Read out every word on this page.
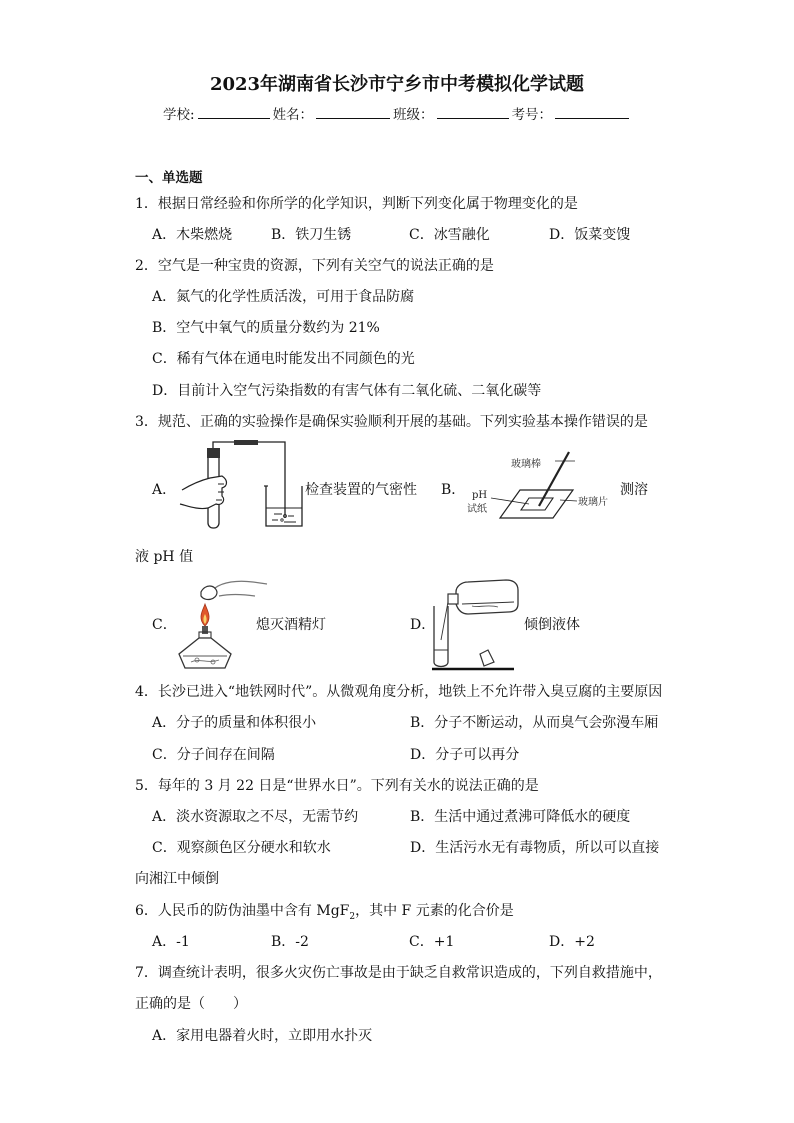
2023年湖南省长沙市宁乡市中考模拟化学试题
学校:	姓名：	班级：	考号：
一、单选题
1．根据日常经验和你所学的化学知识，判断下列变化属于物理变化的是
A．木柴燃烧	B．铁刀生锈	C．冰雪融化	D．饭菜变馊
2．空气是一种宝贵的资源，下列有关空气的说法正确的是
A．氮气的化学性质活泼，可用于食品防腐
B．空气中氧气的质量分数约为 21%
C．稀有气体在通电时能发出不同颜色的光
D．目前计入空气污染指数的有害气体有二氧化硫、二氧化碳等
3．规范、正确的实验操作是确保实验顺利开展的基础。下列实验基本操作错误的是
A．	检查装置的气密性 B．
玻璃棒
pH
试纸
玻璃片
测溶
液 pH 值
C．	熄灭酒精灯	D．	倾倒液体
4．长沙已进入“地铁网时代”。从微观角度分析，地铁上不允许带入臭豆腐的主要原因
A．分子的质量和体积很小	B．分子不断运动，从而臭气会弥漫车厢
C．分子间存在间隔	D．分子可以再分
5．每年的 3 月 22 日是“世界水日”。下列有关水的说法正确的是
A．淡水资源取之不尽，无需节约	B．生活中通过煮沸可降低水的硬度
C．观察颜色区分硬水和软水	D．生活污水无有毒物质，所以可以直接
向湘江中倾倒
6．人民币的防伪油墨中含有 MgF$_2$，其中 F 元素的化合价是
A．-1	B．-2	C．+1	D．+2
7．调查统计表明，很多火灾伤亡事故是由于缺乏自救常识造成的，下列自救措施中，
正确的是（　　）
A．家用电器着火时，立即用水扑灭
